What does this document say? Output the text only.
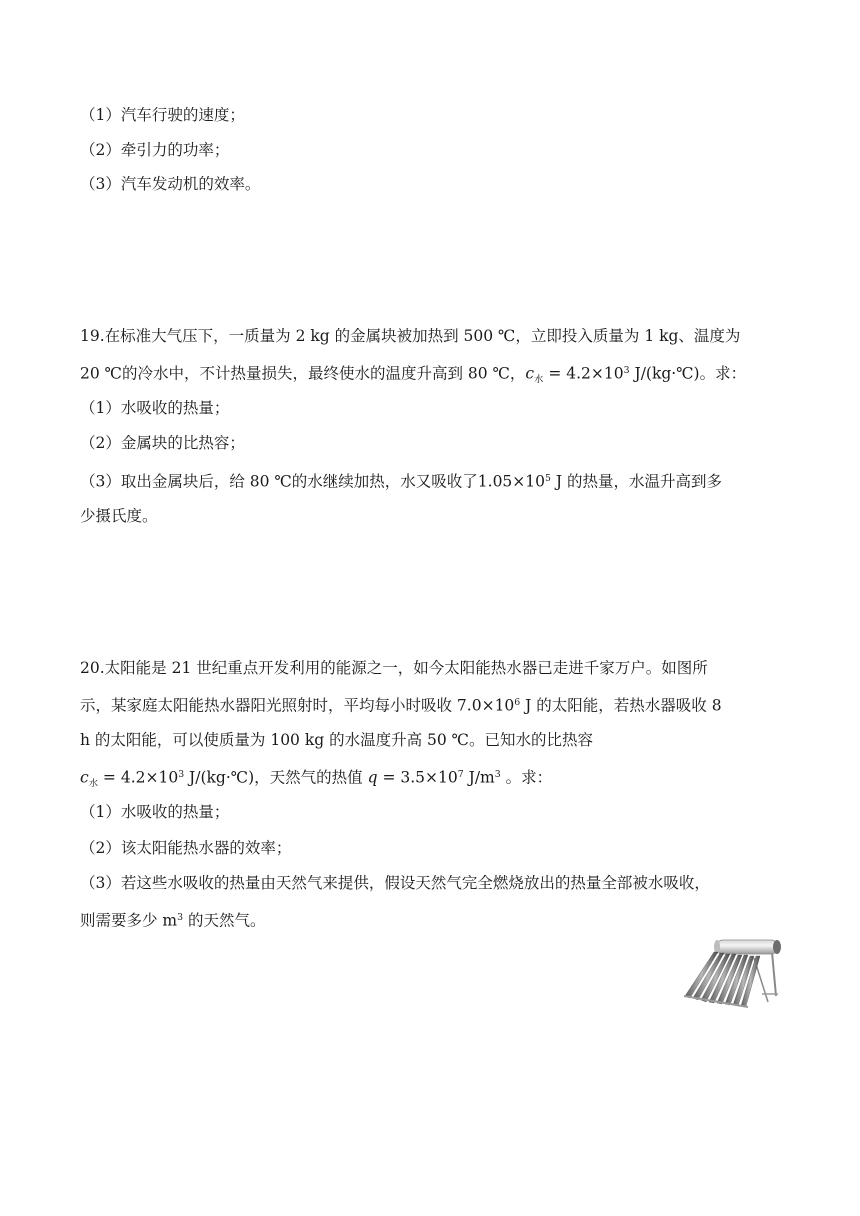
（1）汽车行驶的速度；
（2）牵引力的功率；
（3）汽车发动机的效率。
19.在标准大气压下，一质量为 2 kg 的金属块被加热到 500 ℃，立即投入质量为 1 kg、温度为
20 ℃的冷水中，不计热量损失，最终使水的温度升高到 80 ℃，$c_水 = 4.2\times 10^3$ J/(kg·℃)。求：
（1）水吸收的热量；
（2）金属块的比热容；
（3）取出金属块后，给 80 ℃的水继续加热，水又吸收了$1.05\times 10^5$ J 的热量，水温升高到多
少摄氏度。
20.太阳能是 21 世纪重点开发利用的能源之一，如今太阳能热水器已走进千家万户。如图所
示，某家庭太阳能热水器阳光照射时，平均每小时吸收 $7.0\times 10^6$ J 的太阳能，若热水器吸收 8
h 的太阳能，可以使质量为 100 kg 的水温度升高 50 ℃。已知水的比热容
$c_水 = 4.2\times 10^3$ J/(kg·℃)，天然气的热值 $q = 3.5\times 10^7$ $J/m^3$ 。求：
（1）水吸收的热量；
（2）该太阳能热水器的效率；
（3）若这些水吸收的热量由天然气来提供，假设天然气完全燃烧放出的热量全部被水吸收，
则需要多少 $m^3$ 的天然气。
